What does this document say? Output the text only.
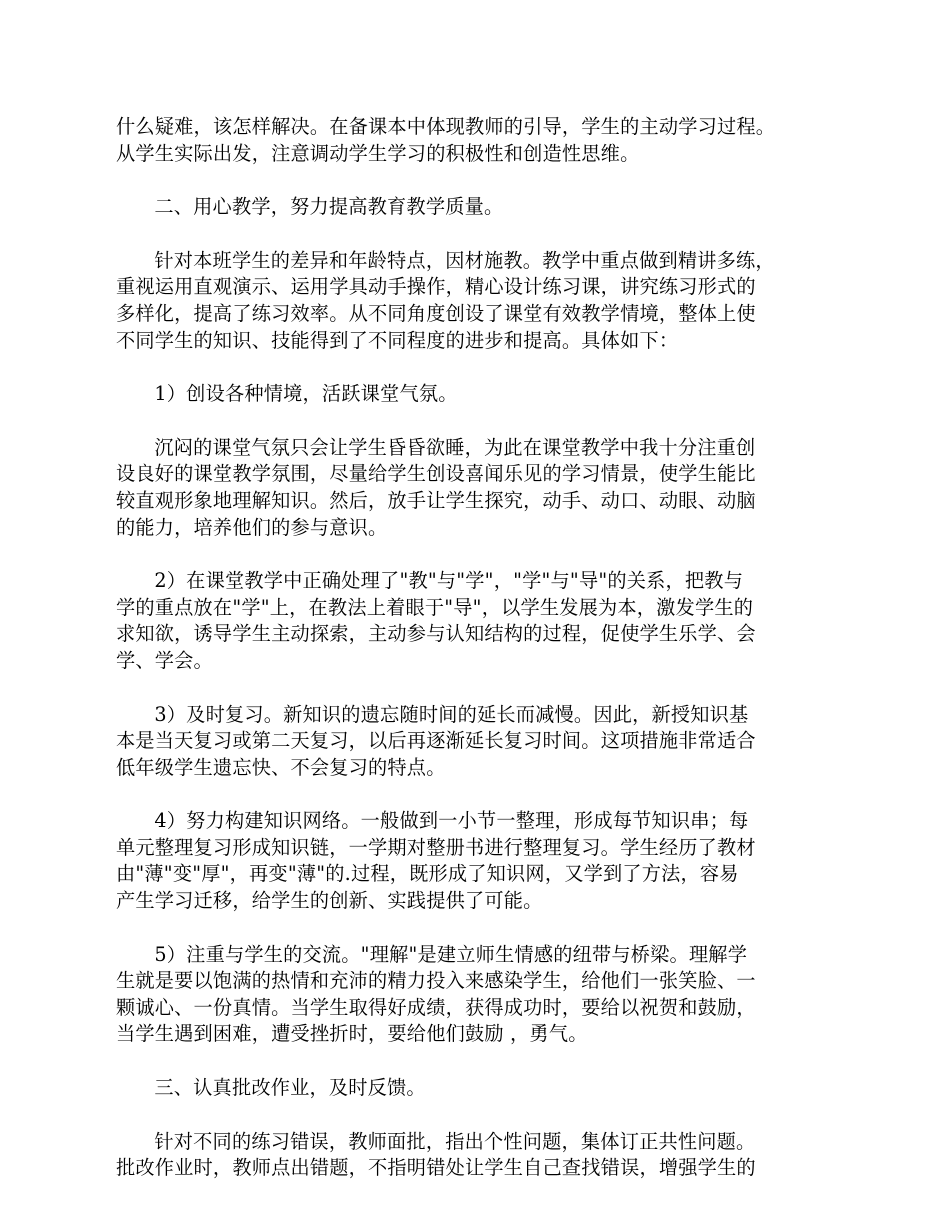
什么疑难，该怎样解决。在备课本中体现教师的引导，学生的主动学习过程。
从学生实际出发，注意调动学生学习的积极性和创造性思维。

二、用心教学，努力提高教育教学质量。

针对本班学生的差异和年龄特点，因材施教。教学中重点做到精讲多练，
重视运用直观演示、运用学具动手操作，精心设计练习课，讲究练习形式的
多样化，提高了练习效率。从不同角度创设了课堂有效教学情境，整体上使
不同学生的知识、技能得到了不同程度的进步和提高。具体如下：

1）创设各种情境，活跃课堂气氛。

沉闷的课堂气氛只会让学生昏昏欲睡，为此在课堂教学中我十分注重创
设良好的课堂教学氛围，尽量给学生创设喜闻乐见的学习情景，使学生能比
较直观形象地理解知识。然后，放手让学生探究，动手、动口、动眼、动脑
的能力，培养他们的参与意识。

2）在课堂教学中正确处理了"教"与"学"，"学"与"导"的关系，把教与
学的重点放在"学"上，在教法上着眼于"导"，以学生发展为本，激发学生的
求知欲，诱导学生主动探索，主动参与认知结构的过程，促使学生乐学、会
学、学会。

3）及时复习。新知识的遗忘随时间的延长而减慢。因此，新授知识基
本是当天复习或第二天复习，以后再逐渐延长复习时间。这项措施非常适合
低年级学生遗忘快、不会复习的特点。

4）努力构建知识网络。一般做到一小节一整理，形成每节知识串；每
单元整理复习形成知识链，一学期对整册书进行整理复习。学生经历了教材
由"薄"变"厚"，再变"薄"的.过程，既形成了知识网，又学到了方法，容易
产生学习迁移，给学生的创新、实践提供了可能。

5）注重与学生的交流。"理解"是建立师生情感的纽带与桥梁。理解学
生就是要以饱满的热情和充沛的精力投入来感染学生，给他们一张笑脸、一
颗诚心、一份真情。当学生取得好成绩，获得成功时，要给以祝贺和鼓励，
当学生遇到困难，遭受挫折时，要给他们鼓励 ，勇气。

三、认真批改作业，及时反馈。

针对不同的练习错误，教师面批，指出个性问题，集体订正共性问题。
批改作业时，教师点出错题，不指明错处让学生自己查找错误，增强学生的
